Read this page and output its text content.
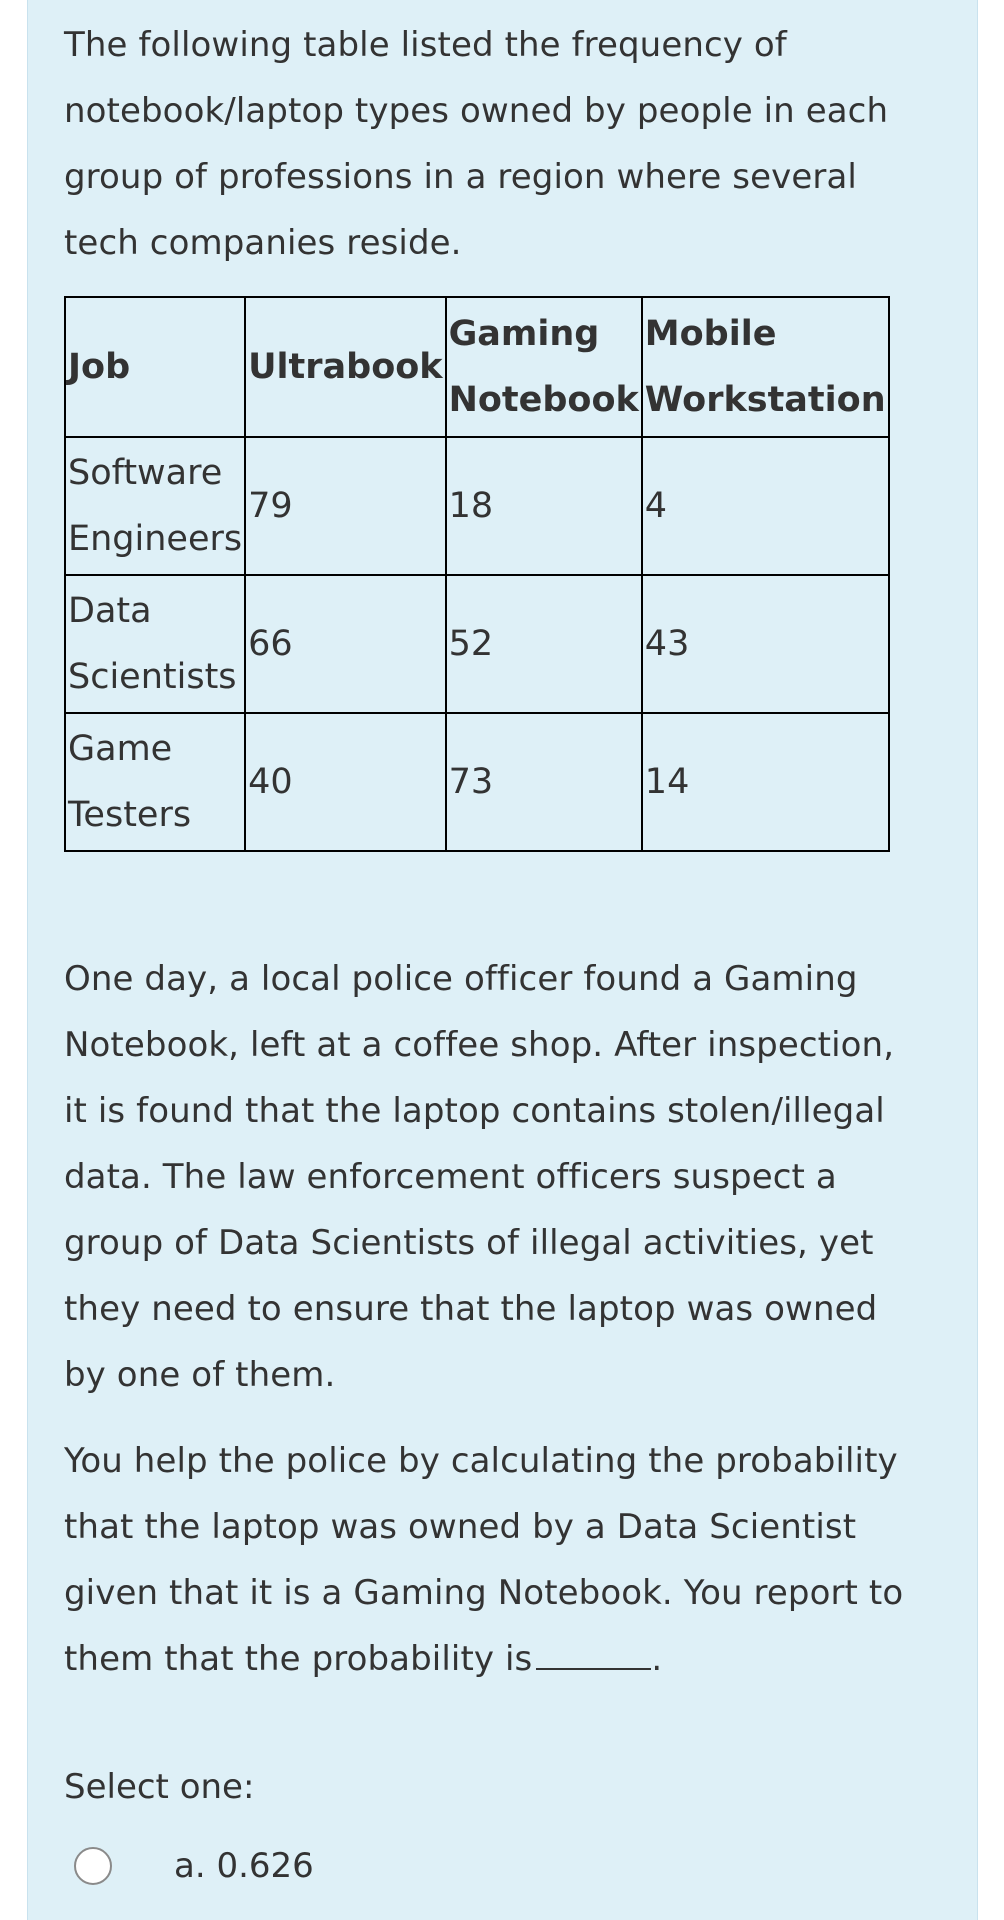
The following table listed the frequency of notebook/laptop types owned by people in each group of professions in a region where several tech companies reside.
Job	Ultrabook	Gaming Notebook	Mobile Workstation
Software Engineers	79	18	4
Data Scientists	66	52	43
Game Testers	40	73	14
One day, a local police officer found a Gaming Notebook, left at a coffee shop. After inspection, it is found that the laptop contains stolen/illegal data. The law enforcement officers suspect a group of Data Scientists of illegal activities, yet they need to ensure that the laptop was owned by one of them.
You help the police by calculating the probability that the laptop was owned by a Data Scientist given that it is a Gaming Notebook. You report to them that the probability is	.
Select one:
a. 0.626
